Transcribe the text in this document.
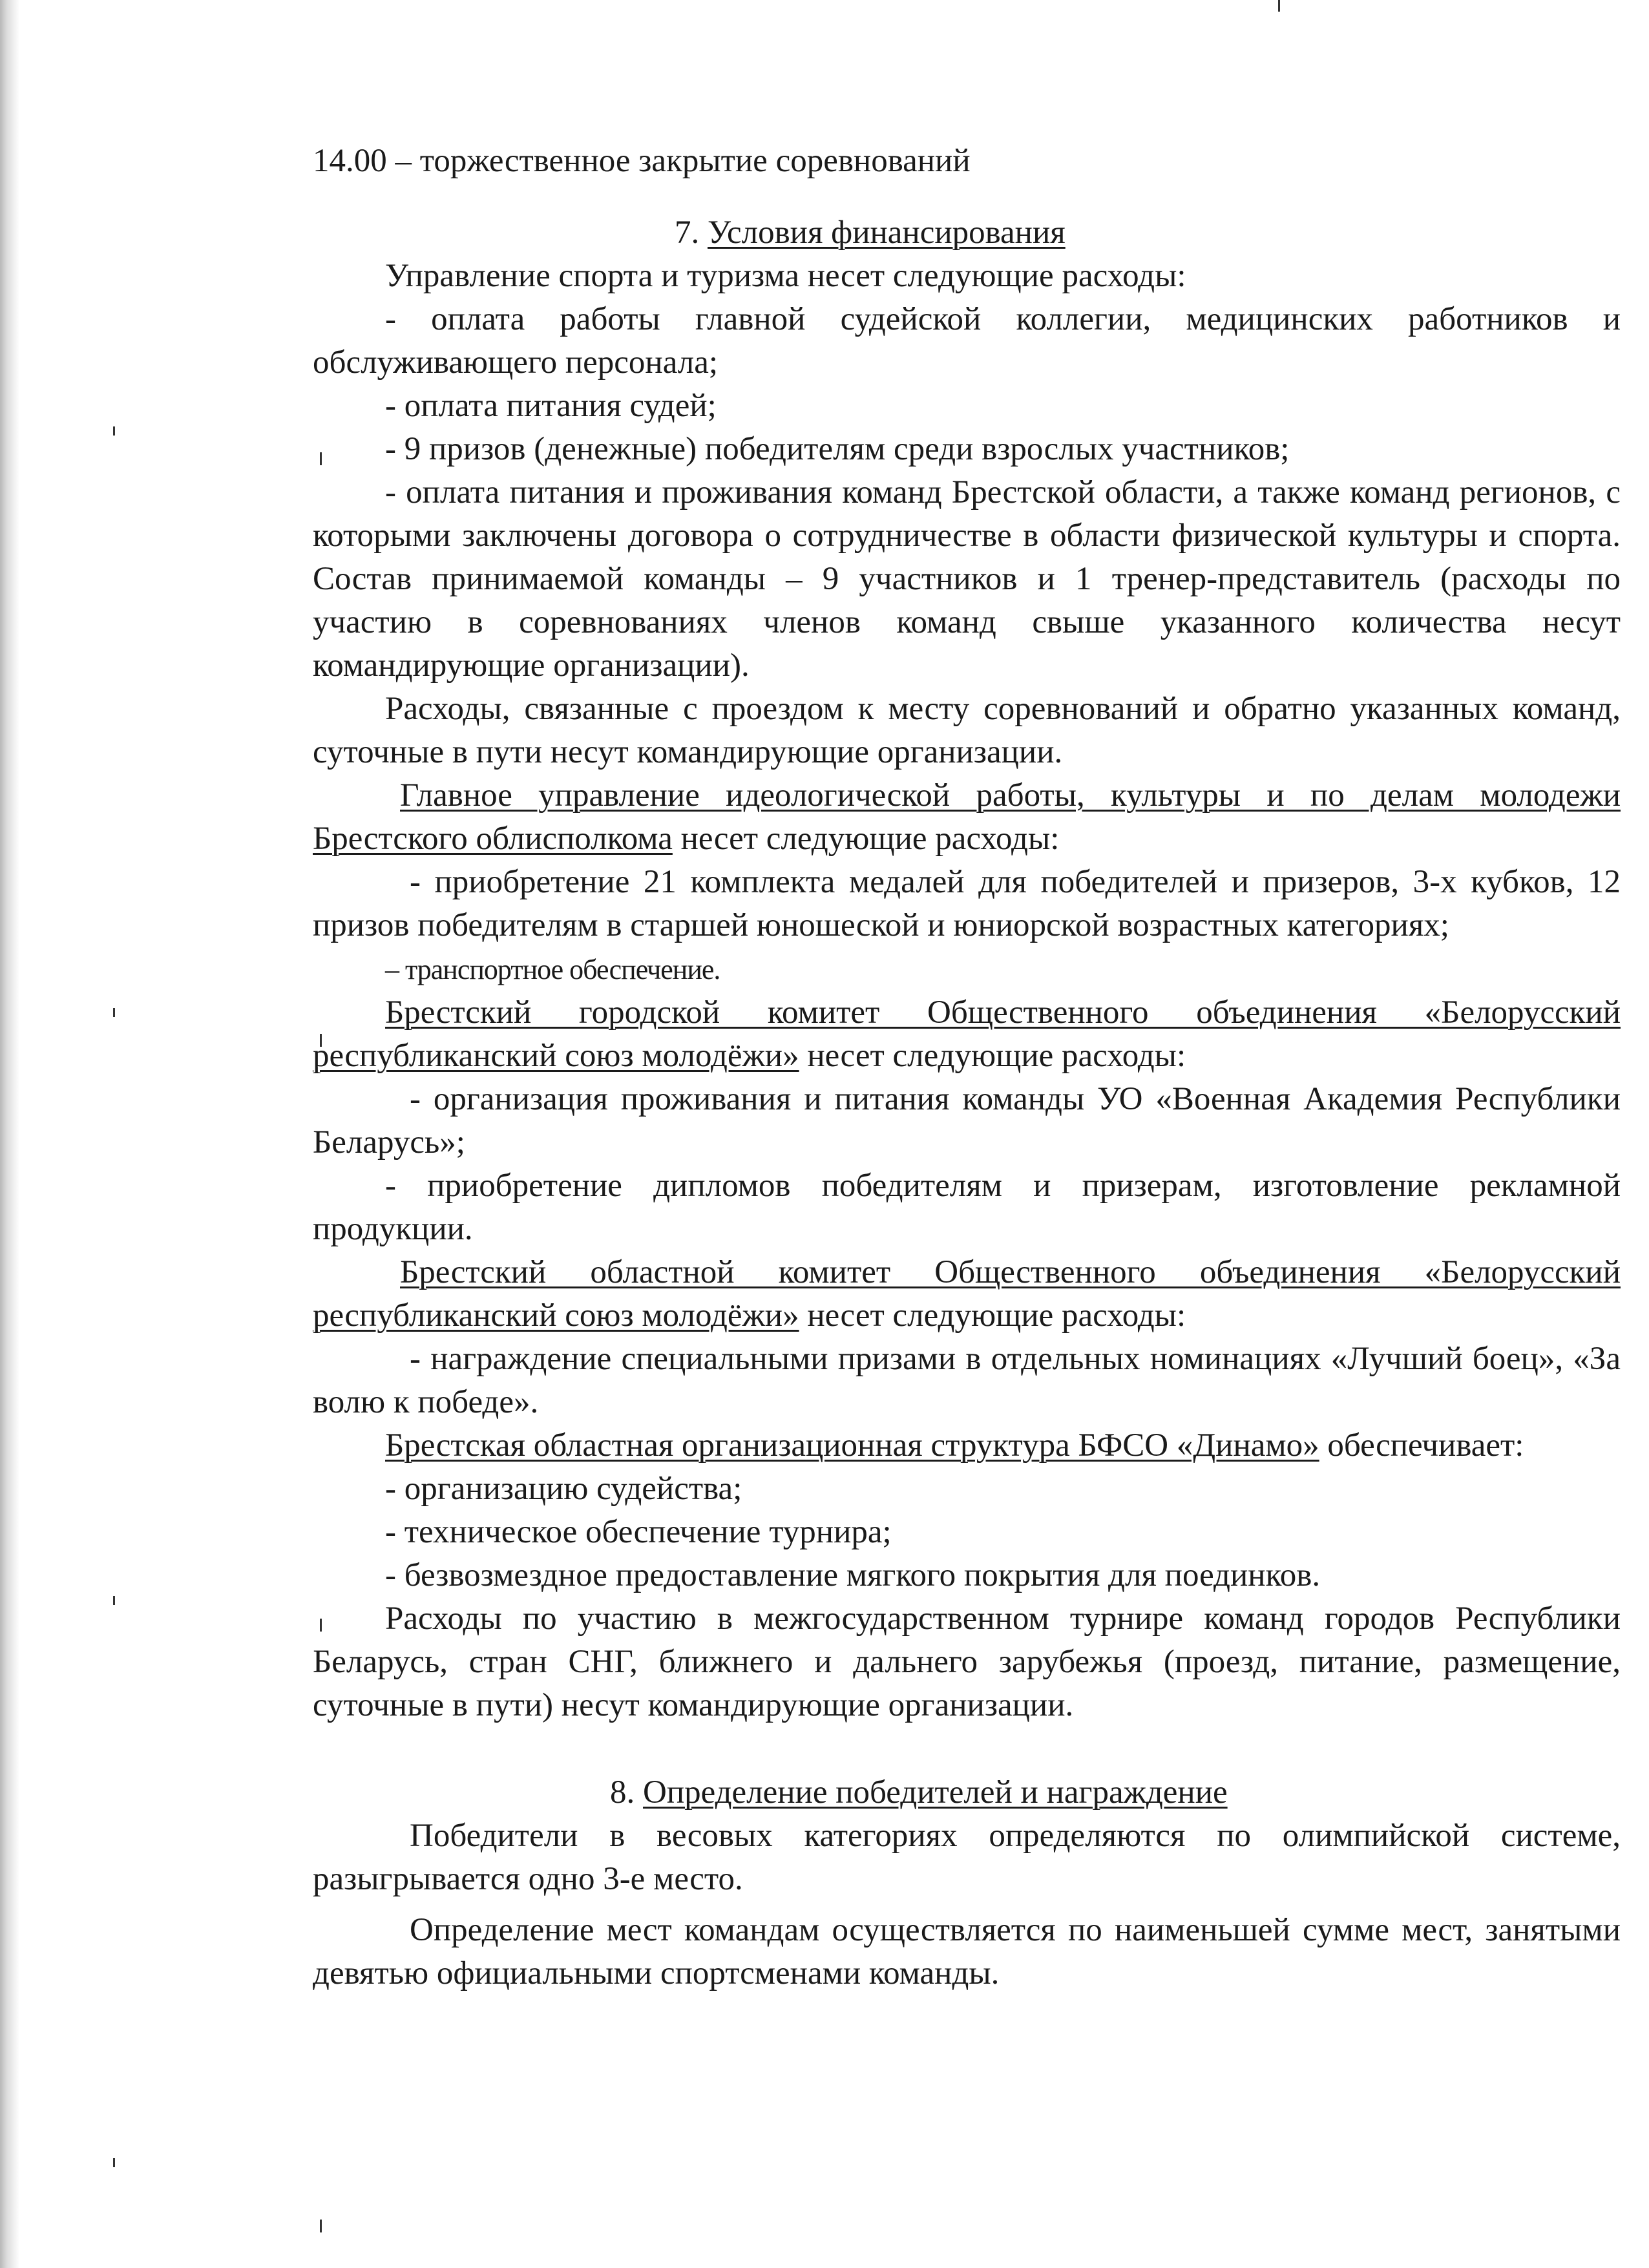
14.00 – торжественное закрытие соревнований

7. Условия финансирования

Управление спорта и туризма несет следующие расходы:

- оплата работы главной судейской коллегии, медицинских работников и обслуживающего персонала;

- оплата питания судей;

- 9 призов (денежные) победителям среди взрослых участников;

- оплата питания и проживания команд Брестской области, а также команд регионов, с которыми заключены договора о сотрудничестве в области физической культуры и спорта. Состав принимаемой команды – 9 участников и 1 тренер-представитель (расходы по участию в соревнованиях членов команд свыше указанного количества несут командирующие организации).

Расходы, связанные с проездом к месту соревнований и обратно указанных команд, суточные в пути несут командирующие организации.

Главное управление идеологической работы, культуры и по делам молодежи Брестского облисполкома несет следующие расходы:

- приобретение 21 комплекта медалей для победителей и призеров, 3-х кубков, 12 призов победителям в старшей юношеской и юниорской возрастных категориях;

– транспортное обеспечение.

Брестский городской комитет Общественного объединения «Белорусский республиканский союз молодёжи» несет следующие расходы:

- организация проживания и питания команды УО «Военная Академия Республики Беларусь»;

- приобретение дипломов победителям и призерам, изготовление рекламной продукции.

Брестский областной комитет Общественного объединения «Белорусский республиканский союз молодёжи» несет следующие расходы:

- награждение специальными призами в отдельных номинациях «Лучший боец», «За волю к победе».

Брестская областная организационная структура БФСО «Динамо» обеспечивает:

- организацию судейства;

- техническое обеспечение турнира;

- безвозмездное предоставление мягкого покрытия для поединков.

Расходы по участию в межгосударственном турнире команд городов Республики Беларусь, стран СНГ, ближнего и дальнего зарубежья (проезд, питание, размещение, суточные в пути) несут командирующие организации.

8. Определение победителей и награждение

Победители в весовых категориях определяются по олимпийской системе, разыгрывается одно 3-е место.

Определение мест командам осуществляется по наименьшей сумме мест, занятыми девятью официальными спортсменами команды.
